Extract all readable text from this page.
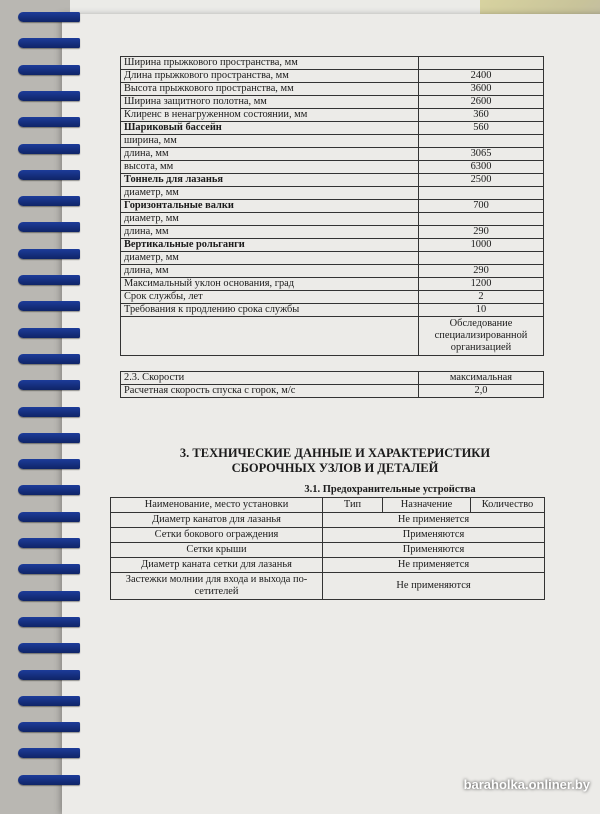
Ширина прыжкового пространства, мм	
Длина прыжкового пространства, мм	2400
Высота прыжкового пространства, мм	3600
Ширина защитного полотна, мм	2600
Клиренс в ненагруженном состоянии, мм	360
Шариковый бассейн	560
ширина, мм	
длина, мм	3065
высота, мм	6300
Тоннель для лазанья	2500
диаметр, мм	
Горизонтальные валки	700
диаметр, мм	
длина, мм	290
Вертикальные рольганги	1000
диаметр, мм	
длина, мм	290
Максимальный уклон основания, град	1200
Срок службы, лет	2
Требования к продлению срока службы	10
	Обследование специализированной организацией
2.3. Скорости	максимальная
Расчетная скорость спуска с горок, м/с	2,0
3. ТЕХНИЧЕСКИЕ ДАННЫЕ И ХАРАКТЕРИСТИКИ
СБОРОЧНЫХ УЗЛОВ И ДЕТАЛЕЙ
3.1. Предохранительные устройства
Наименование, место установки	Тип	Назначение	Количество
Диаметр канатов для лазанья	Не применяется		
Сетки бокового ограждения	Применяются		
Сетки крыши	Применяются		
Диаметр каната сетки для лазанья	Не применяется		
Застежки молнии для входа и выхода по-сетителей	Не применяются		
baraholka.onliner.by
